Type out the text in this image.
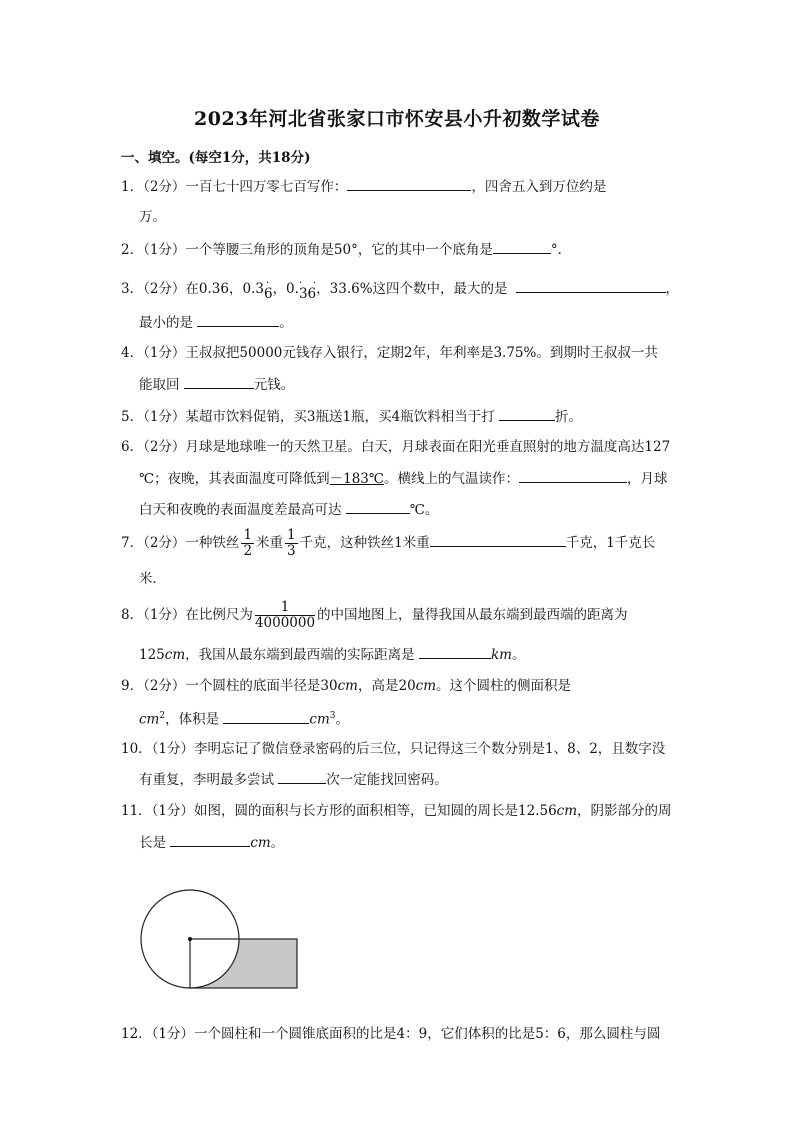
2023年河北省张家口市怀安县小升初数学试卷
一、填空。(每空1分，共18分)
1．（2分）一百七十四万零七百写作：	，四舍五入到万位约是
万。
2．（1分）一个等腰三角形的顶角是50°，它的其中一个底角是	°．
3．（2分）在0.36，0.36
· ，0.36
· · ，33.6%这四个数中，最大的是	，
最小的是	。
4．（1分）王叔叔把50000元钱存入银行，定期2年，年利率是3.75%。到期时王叔叔一共
能取回	元钱。
5．（1分）某超市饮料促销，买3瓶送1瓶，买4瓶饮料相当于打	折。
6．（2分）月球是地球唯一的天然卫星。白天，月球表面在阳光垂直照射的地方温度高达127
℃；夜晚，其表面温度可降低到－183℃。横线上的气温读作：	，月球
白天和夜晚的表面温度差最高可达	℃。
7．（2分）一种铁丝 $\frac{1}{2}$ 米重 $\frac{1}{3}$ 千克，这种铁丝1米重	千克，1千克长
米．
8．（1分）在比例尺为 $\frac{1}{4000000}$ 的中国地图上，量得我国从最东端到最西端的距离为
125cm，我国从最东端到最西端的实际距离是	km。
9．（2分）一个圆柱的底面半径是30cm，高是20cm。这个圆柱的侧面积是
$cm^2$，体积是	$cm^3$。
10．（1分）李明忘记了微信登录密码的后三位，只记得这三个数分别是1、8、2，且数字没
有重复，李明最多尝试	次一定能找回密码。
11．（1分）如图，圆的面积与长方形的面积相等，已知圆的周长是12.56cm，阴影部分的周
长是	cm。
12．（1分）一个圆柱和一个圆锥底面积的比是4：9，它们体积的比是5：6，那么圆柱与圆
